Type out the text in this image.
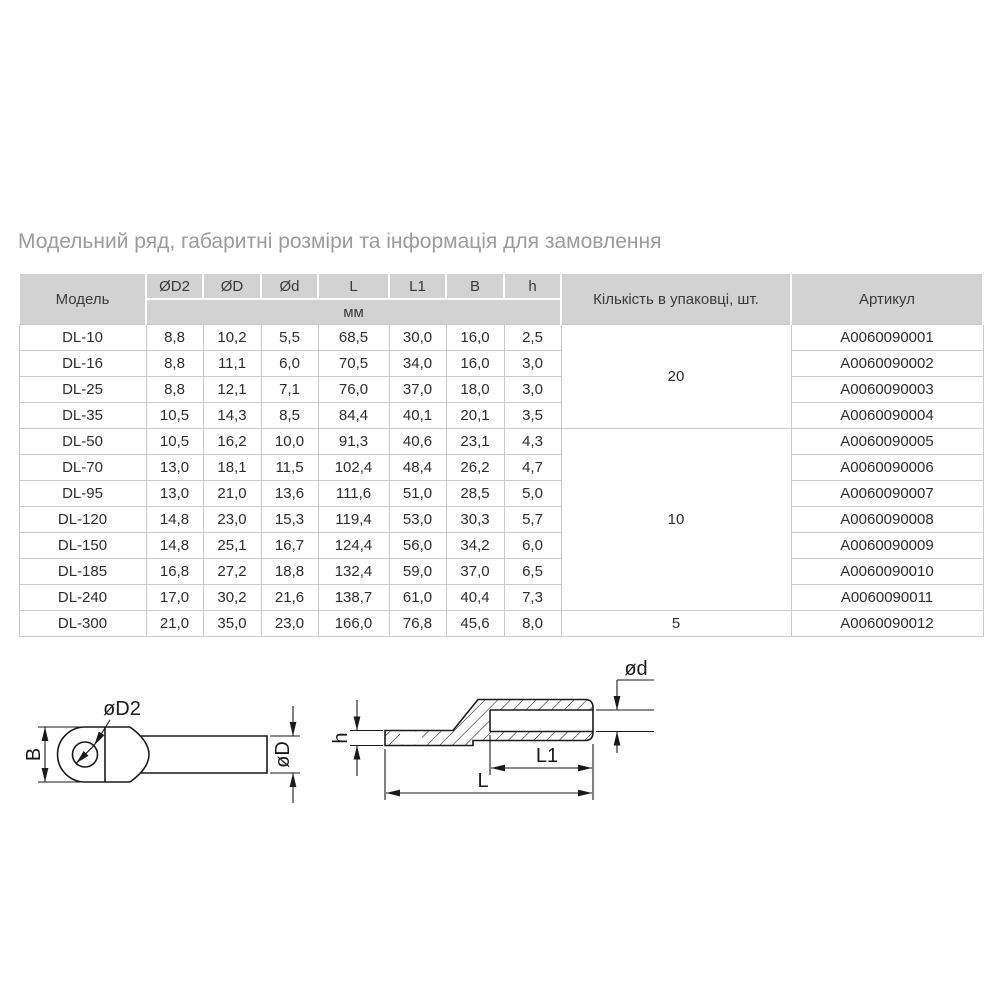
Модельний ряд, габаритні розміри та інформація для замовлення
Модель	ØD2	ØD	Ød	L	L1	B	h	Кількість в упаковці, шт.	Артикул
	мм								
DL-10	8,8	10,2	5,5	68,5	30,0	16,0	2,5	20	A0060090001
DL-16	8,8	11,1	6,0	70,5	34,0	16,0	3,0		A0060090002
DL-25	8,8	12,1	7,1	76,0	37,0	18,0	3,0		A0060090003
DL-35	10,5	14,3	8,5	84,4	40,1	20,1	3,5		A0060090004
DL-50	10,5	16,2	10,0	91,3	40,6	23,1	4,3	10	A0060090005
DL-70	13,0	18,1	11,5	102,4	48,4	26,2	4,7		A0060090006
DL-95	13,0	21,0	13,6	111,6	51,0	28,5	5,0		A0060090007
DL-120	14,8	23,0	15,3	119,4	53,0	30,3	5,7		A0060090008
DL-150	14,8	25,1	16,7	124,4	56,0	34,2	6,0		A0060090009
DL-185	16,8	27,2	18,8	132,4	59,0	37,0	6,5		A0060090010
DL-240	17,0	30,2	21,6	138,7	61,0	40,4	7,3		A0060090011
DL-300	21,0	35,0	23,0	166,0	76,8	45,6	8,0	5	A0060090012
øD2
B	øD
ød
h
L1
L
